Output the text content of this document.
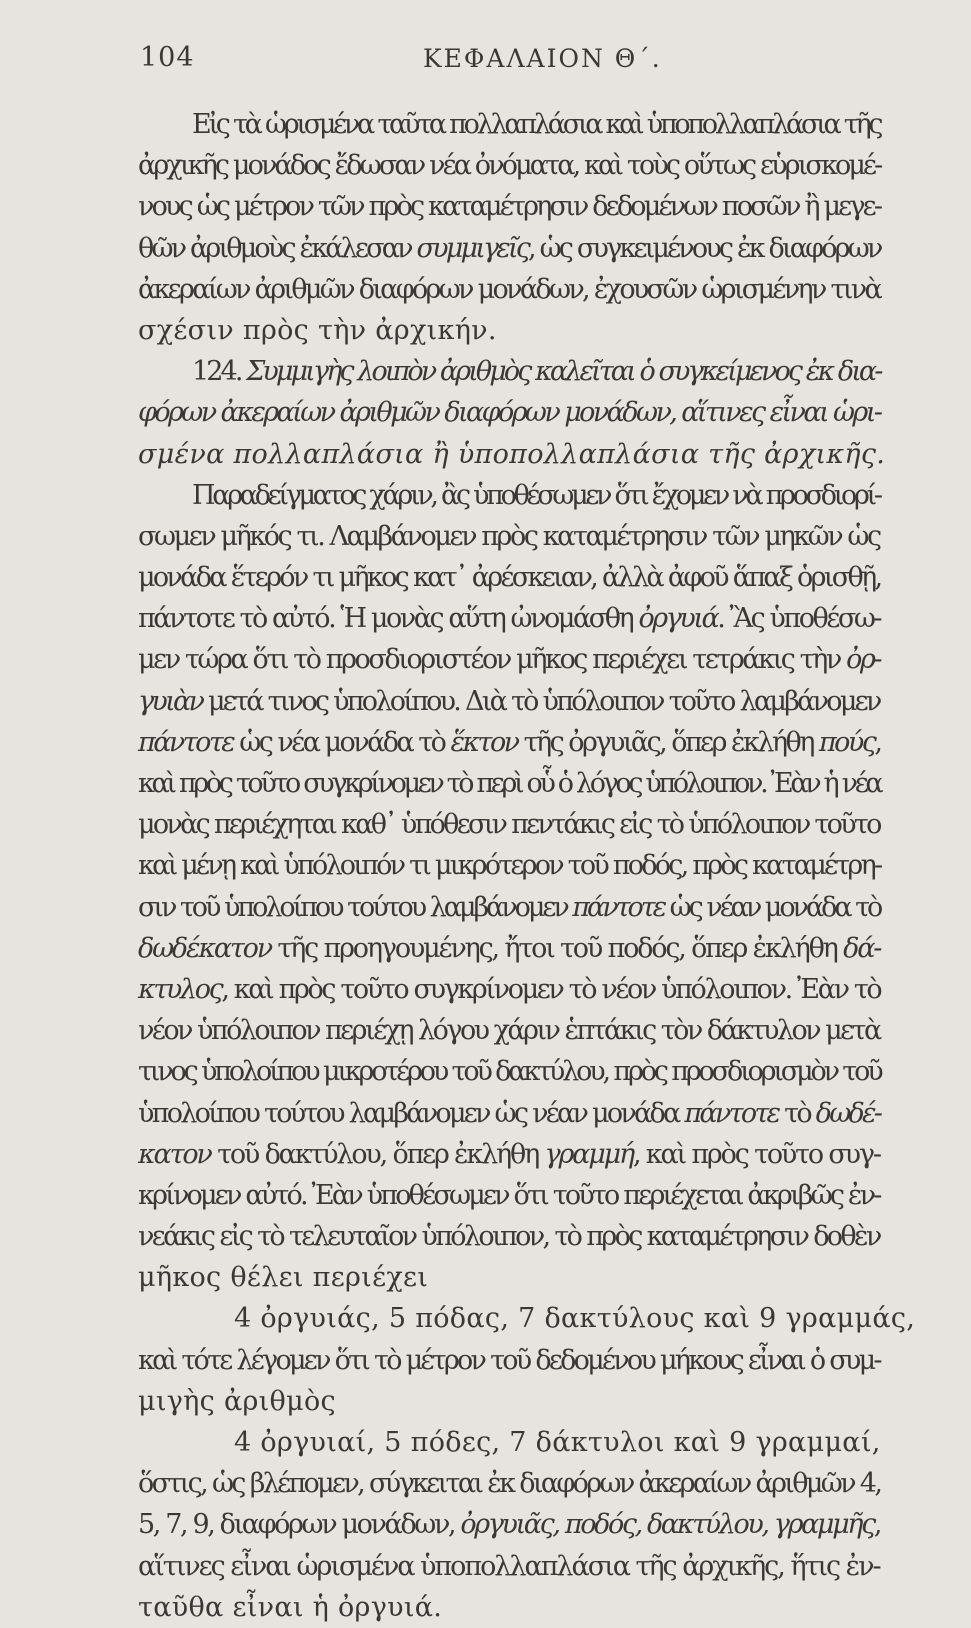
104	ΚΕΦΑΛΑΙΟΝ Θ΄.
Εἰς τὰ ὡρισμένα ταῦτα πολλαπλάσια καὶ ὑποπολλαπλάσια τῆς
ἀρχικῆς μονάδος ἔδωσαν νέα ὀνόματα, καὶ τοὺς οὕτως εὑρισκομέ-
νους ὡς μέτρον τῶν πρὸς καταμέτρησιν δεδομένων ποσῶν ἢ μεγε-
θῶν ἀριθμοὺς ἐκάλεσαν συμμιγεῖς, ὡς συγκειμένους ἐκ διαφόρων
ἀκεραίων ἀριθμῶν διαφόρων μονάδων, ἐχουσῶν ὡρισμένην τινὰ
σχέσιν πρὸς τὴν ἀρχικήν.
124. Συμμιγὴς λοιπὸν ἀριθμὸς καλεῖται ὁ συγκείμενος ἐκ δια-
φόρων ἀκεραίων ἀριθμῶν διαφόρων μονάδων, αἵτινες εἶναι ὡρι-
σμένα πολλαπλάσια ἢ ὑποπολλαπλάσια τῆς ἀρχικῆς.
Παραδείγματος χάριν, ἂς ὑποθέσωμεν ὅτι ἔχομεν νὰ προσδιορί-
σωμεν μῆκός τι. Λαμβάνομεν πρὸς καταμέτρησιν τῶν μηκῶν ὡς
μονάδα ἕτερόν τι μῆκος κατ᾽ ἀρέσκειαν, ἀλλὰ ἀφοῦ ἅπαξ ὁρισθῇ,
πάντοτε τὸ αὐτό. Ἡ μονὰς αὕτη ὠνομάσθη ὀργυιά. Ἂς ὑποθέσω-
μεν τώρα ὅτι τὸ προσδιοριστέον μῆκος περιέχει τετράκις τὴν ὀρ-
γυιὰν μετά τινος ὑπολοίπου. Διὰ τὸ ὑπόλοιπον τοῦτο λαμβάνομεν
πάντοτε ὡς νέα μονάδα τὸ ἕκτον τῆς ὀργυιᾶς, ὅπερ ἐκλήθη πούς,
καὶ πρὸς τοῦτο συγκρίνομεν τὸ περὶ οὗ ὁ λόγος ὑπόλοιπον. Ἐὰν ἡ νέα
μονὰς περιέχηται καθ᾽ ὑπόθεσιν πεντάκις εἰς τὸ ὑπόλοιπον τοῦτο
καὶ μένῃ καὶ ὑπόλοιπόν τι μικρότερον τοῦ ποδός, πρὸς καταμέτρη-
σιν τοῦ ὑπολοίπου τούτου λαμβάνομεν πάντοτε ὡς νέαν μονάδα τὸ
δωδέκατον τῆς προηγουμένης, ἤτοι τοῦ ποδός, ὅπερ ἐκλήθη δά-
κτυλος, καὶ πρὸς τοῦτο συγκρίνομεν τὸ νέον ὑπόλοιπον. Ἐὰν τὸ
νέον ὑπόλοιπον περιέχῃ λόγου χάριν ἑπτάκις τὸν δάκτυλον μετὰ
τινος ὑπολοίπου μικροτέρου τοῦ δακτύλου, πρὸς προσδιορισμὸν τοῦ
ὑπολοίπου τούτου λαμβάνομεν ὡς νέαν μονάδα πάντοτε τὸ δωδέ-
κατον τοῦ δακτύλου, ὅπερ ἐκλήθη γραμμή, καὶ πρὸς τοῦτο συγ-
κρίνομεν αὐτό. Ἐὰν ὑποθέσωμεν ὅτι τοῦτο περιέχεται ἀκριβῶς ἐν-
νεάκις εἰς τὸ τελευταῖον ὑπόλοιπον, τὸ πρὸς καταμέτρησιν δοθὲν
μῆκος θέλει περιέχει
4 ὀργυιάς, 5 πόδας, 7 δακτύλους καὶ 9 γραμμάς,
καὶ τότε λέγομεν ὅτι τὸ μέτρον τοῦ δεδομένου μήκους εἶναι ὁ συμ-
μιγὴς ἀριθμὸς
4 ὀργυιαί, 5 πόδες, 7 δάκτυλοι καὶ 9 γραμμαί,
ὅστις, ὡς βλέπομεν, σύγκειται ἐκ διαφόρων ἀκεραίων ἀριθμῶν 4,
5, 7, 9, διαφόρων μονάδων, ὀργυιᾶς, ποδός, δακτύλου, γραμμῆς,
αἵτινες εἶναι ὡρισμένα ὑποπολλαπλάσια τῆς ἀρχικῆς, ἥτις ἐν-
ταῦθα εἶναι ἡ ὀργυιά.
